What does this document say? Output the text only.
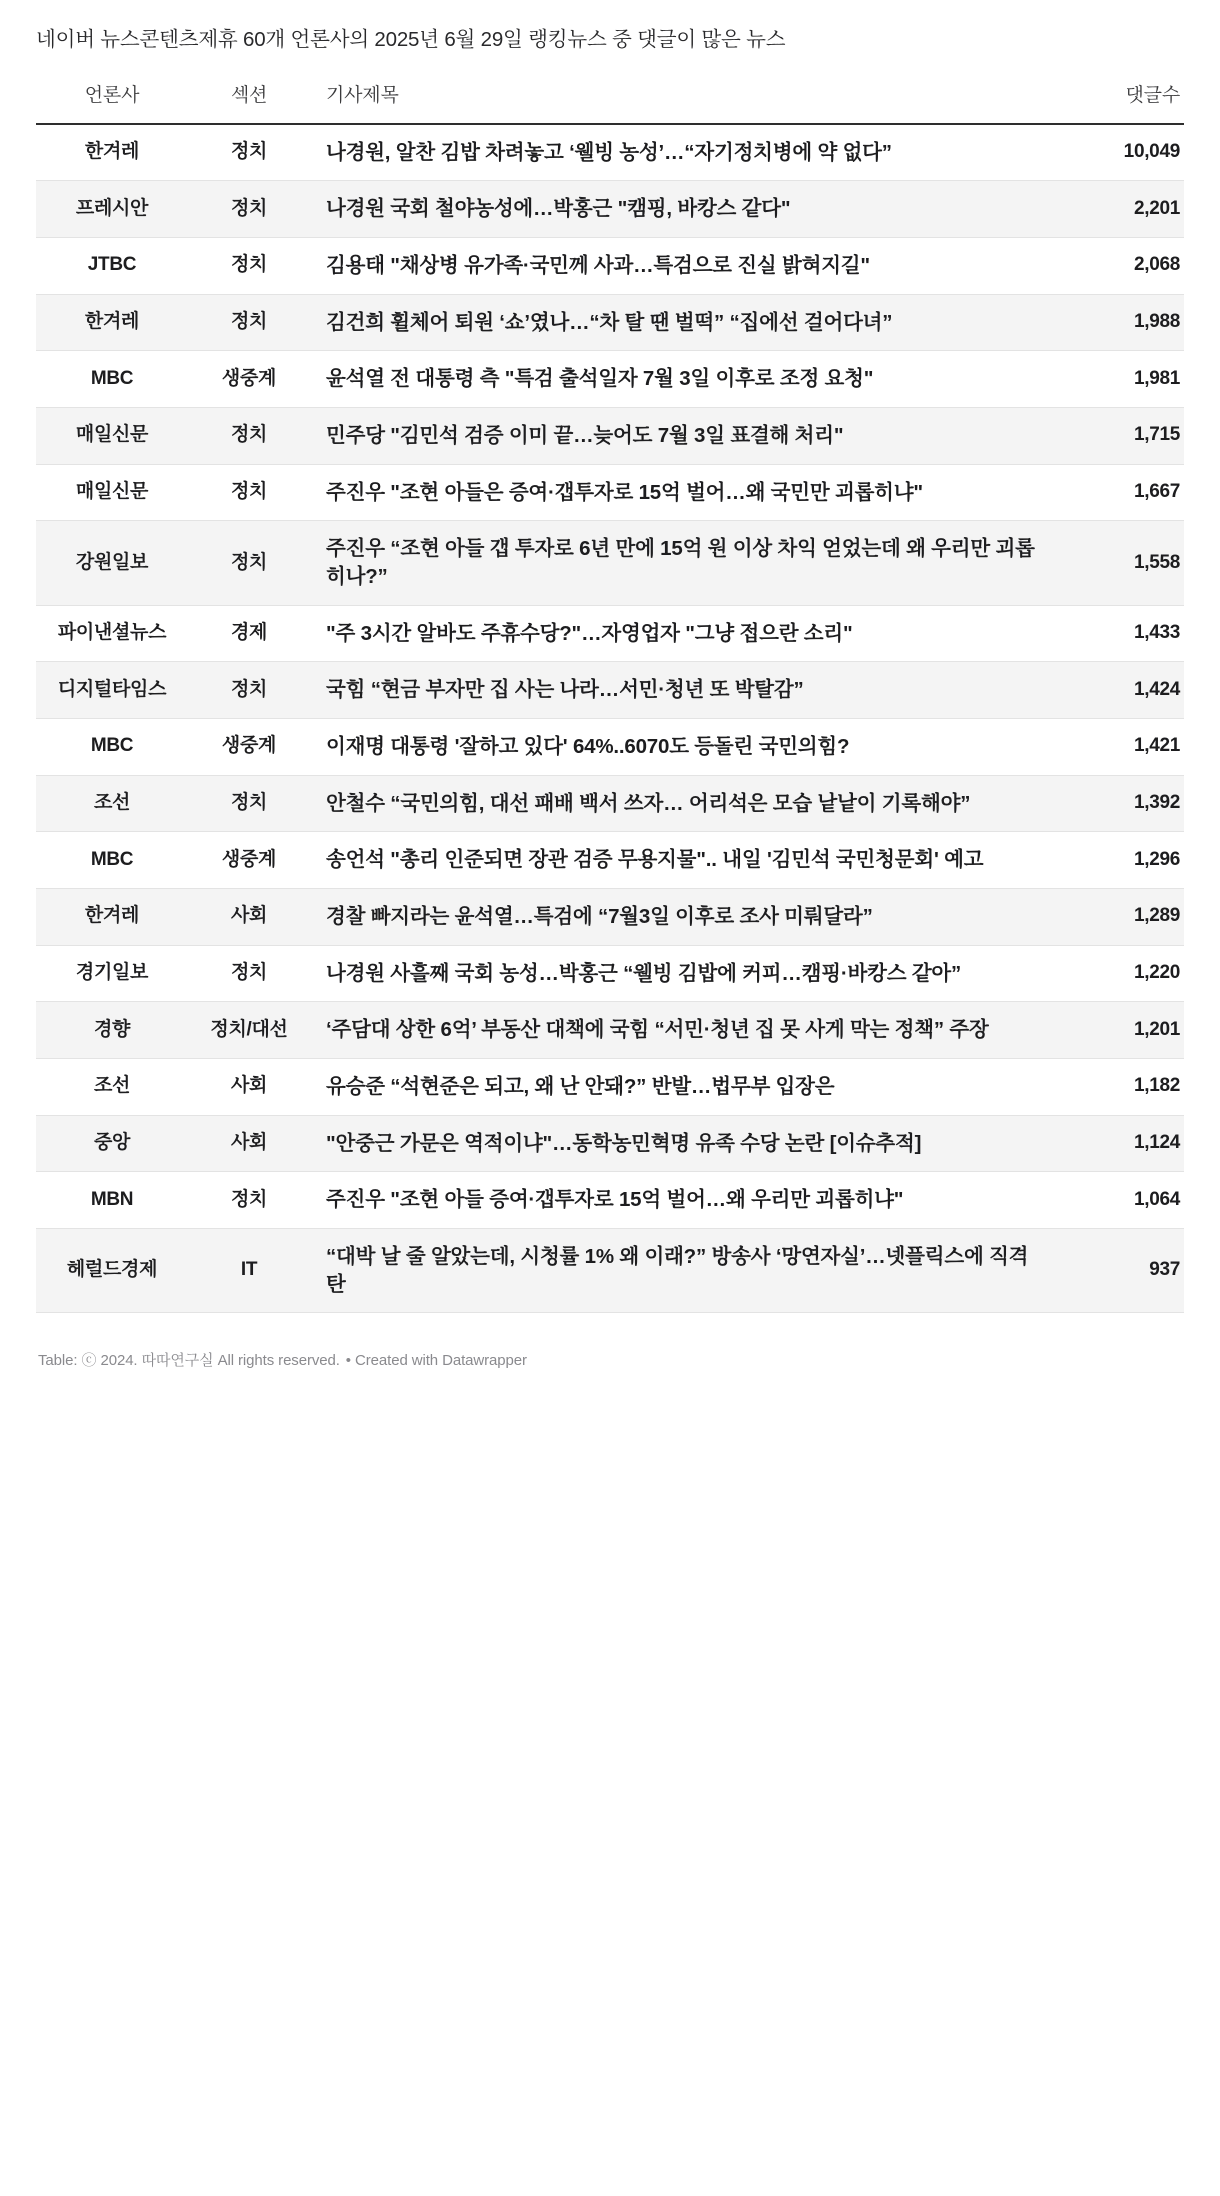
네이버 뉴스콘텐츠제휴 60개 언론사의 2025년 6월 29일 랭킹뉴스 중 댓글이 많은 뉴스
언론사	섹션	기사제목	댓글수
한겨레	정치	나경원, 알찬 김밥 차려놓고 ‘웰빙 농성’…“자기정치병에 약 없다”	10,049
프레시안	정치	나경원 국회 철야농성에…박홍근 "캠핑, 바캉스 같다"	2,201
JTBC	정치	김용태 "채상병 유가족·국민께 사과…특검으로 진실 밝혀지길"	2,068
한겨레	정치	김건희 휠체어 퇴원 ‘쇼’였나…“차 탈 땐 벌떡” “집에선 걸어다녀”	1,988
MBC	생중계	윤석열 전 대통령 측 "특검 출석일자 7월 3일 이후로 조정 요청"	1,981
매일신문	정치	민주당 "김민석 검증 이미 끝…늦어도 7월 3일 표결해 처리"	1,715
매일신문	정치	주진우 "조현 아들은 증여·갭투자로 15억 벌어…왜 국민만 괴롭히냐"	1,667
강원일보	정치	주진우 “조현 아들 갭 투자로 6년 만에 15억 원 이상 차익 얻었는데 왜 우리만 괴롭히나?”	1,558
파이낸셜뉴스	경제	"주 3시간 알바도 주휴수당?"…자영업자 "그냥 접으란 소리"	1,433
디지털타임스	정치	국힘 “현금 부자만 집 사는 나라…서민·청년 또 박탈감”	1,424
MBC	생중계	이재명 대통령 '잘하고 있다' 64%..6070도 등돌린 국민의힘?	1,421
조선	정치	안철수 “국민의힘, 대선 패배 백서 쓰자… 어리석은 모습 낱낱이 기록해야”	1,392
MBC	생중계	송언석 "총리 인준되면 장관 검증 무용지물".. 내일 '김민석 국민청문회' 예고	1,296
한겨레	사회	경찰 빠지라는 윤석열…특검에 “7월3일 이후로 조사 미뤄달라”	1,289
경기일보	정치	나경원 사흘째 국회 농성…박홍근 “웰빙 김밥에 커피…캠핑·바캉스 같아”	1,220
경향	정치/대선	‘주담대 상한 6억’ 부동산 대책에 국힘 “서민·청년 집 못 사게 막는 정책” 주장	1,201
조선	사회	유승준 “석현준은 되고, 왜 난 안돼?” 반발…법무부 입장은	1,182
중앙	사회	"안중근 가문은 역적이냐"…동학농민혁명 유족 수당 논란 [이슈추적]	1,124
MBN	정치	주진우 "조현 아들 증여·갭투자로 15억 벌어…왜 우리만 괴롭히냐"	1,064
헤럴드경제	IT	“대박 날 줄 알았는데, 시청률 1% 왜 이래?” 방송사 ‘망연자실’…넷플릭스에 직격탄	937
Table: ⓒ 2024. 따따연구실 All rights reserved. • Created with Datawrapper
